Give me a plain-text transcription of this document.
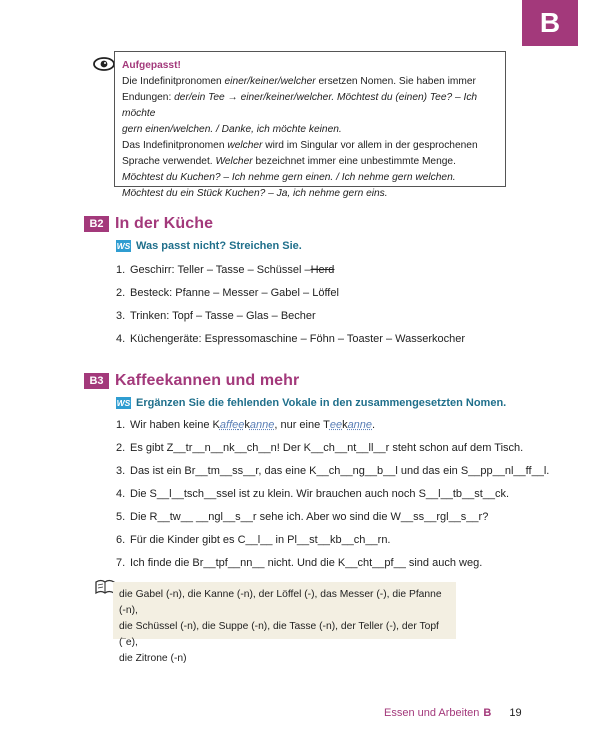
B
Aufgepasst!
Die Indefinitpronomen einer/keiner/welcher ersetzen Nomen. Sie haben immer
Endungen: der/ein Tee → einer/keiner/welcher. Möchtest du (einen) Tee? – Ich möchte
gern einen/welchen. / Danke, ich möchte keinen.
Das Indefinitpronomen welcher wird im Singular vor allem in der gesprochenen
Sprache verwendet. Welcher bezeichnet immer eine unbestimmte Menge.
Möchtest du Kuchen? – Ich nehme gern einen. / Ich nehme gern welchen.
Möchtest du ein Stück Kuchen? – Ja, ich nehme gern eins.
B2 In der Küche
WS Was passt nicht? Streichen Sie.
1. Geschirr: Teller – Tasse – Schüssel – Herd
2. Besteck: Pfanne – Messer – Gabel – Löffel
3. Trinken: Topf – Tasse – Glas – Becher
4. Küchengeräte: Espressomaschine – Föhn – Toaster – Wasserkocher
B3 Kaffeekannen und mehr
WS Ergänzen Sie die fehlenden Vokale in den zusammengesetzten Nomen.
1. Wir haben keine K affe e k anne , nur eine T e e k anne .
2. Es gibt Z__tr__n__nk__ch__n! Der K__ch__nt__ll__r steht schon auf dem Tisch.
3. Das ist ein Br__tm__ss__r, das eine K__ch__ng__b__l und das ein S__pp__nl__ff__l.
4. Die S__l__tsch__ssel ist zu klein. Wir brauchen auch noch S__l__tb__st__ck.
5. Die R__tw__ __ngl__s__r sehe ich. Aber wo sind die W__ss__rgl__s__r?
6. Für die Kinder gibt es C__l__ in Pl__st__kb__ch__rn.
7. Ich finde die Br__tpf__nn__ nicht. Und die K__cht__pf__ sind auch weg.
die Gabel (-n), die Kanne (-n), der Löffel (-), das Messer (-), die Pfanne (-n),
die Schüssel (-n), die Suppe (-n), die Tasse (-n), der Teller (-), der Topf (¨e),
die Zitrone (-n)
Essen und Arbeiten B 19
